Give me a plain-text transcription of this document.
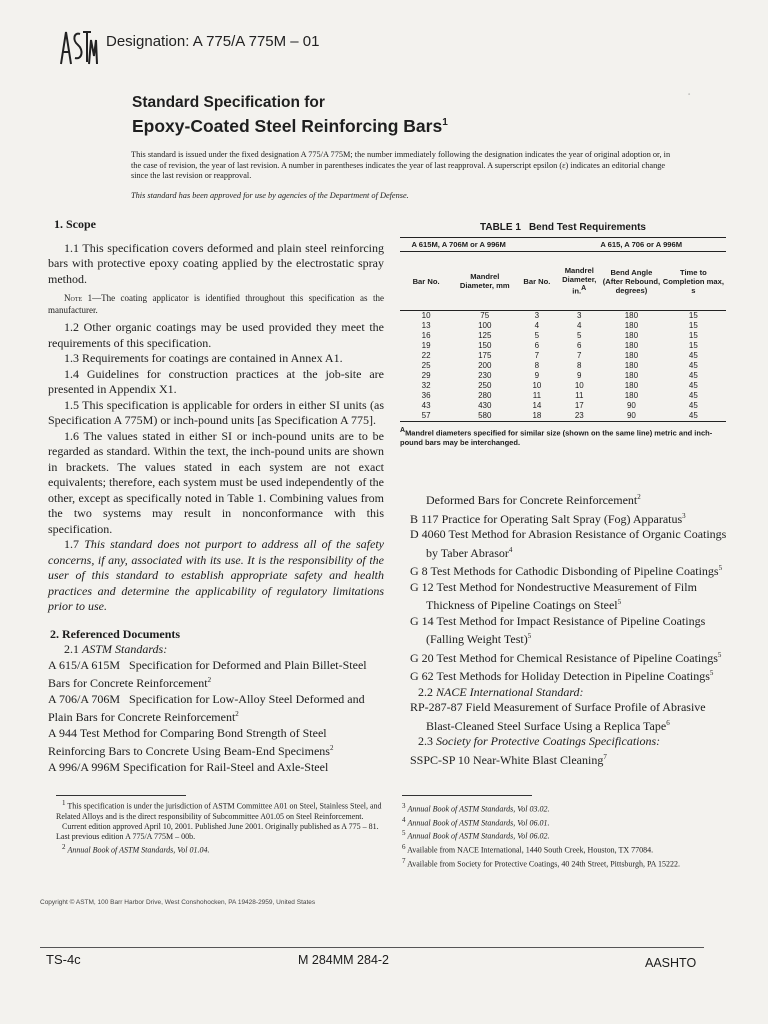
Designation: A 775/A 775M – 01
Standard Specification for
Epoxy-Coated Steel Reinforcing Bars$^1$
ﾟ

This standard is issued under the fixed designation A 775/A 775M; the number immediately following the designation indicates the year of original adoption or, in the case of revision, the year of last revision. A number in parentheses indicates the year of last reapproval. A superscript epsilon (ε) indicates an editorial change since the last revision or reapproval.

This standard has been approved for use by agencies of the Department of Defense.

1. Scope

1.1 This specification covers deformed and plain steel reinforcing bars with protective epoxy coating applied by the electrostatic spray method.

Note 1—The coating applicator is identified throughout this specification as the manufacturer.

1.2 Other organic coatings may be used provided they meet the requirements of this specification.

1.3 Requirements for coatings are contained in Annex A1.

1.4 Guidelines for construction practices at the job-site are presented in Appendix X1.

1.5 This specification is applicable for orders in either SI units (as Specification A 775M) or inch-pound units [as Specification A 775].

1.6 The values stated in either SI or inch-pound units are to be regarded as standard. Within the text, the inch-pound units are shown in brackets. The values stated in each system are not exact equivalents; therefore, each system must be used independently of the other, except as specifically noted in Table 1. Combining values from the two systems may result in nonconformance with this specification.

1.7 This standard does not purport to address all of the safety concerns, if any, associated with its use. It is the responsibility of the user of this standard to establish appropriate safety and health practices and determine the applicability of regulatory limitations prior to use.

2. Referenced Documents

2.1 ASTM Standards:

A 615/A 615M Specification for Deformed and Plain Billet-Steel Bars for Concrete Reinforcement$^2$

A 706/A 706M Specification for Low-Alloy Steel Deformed and Plain Bars for Concrete Reinforcement$^2$

A 944 Test Method for Comparing Bond Strength of Steel Reinforcing Bars to Concrete Using Beam-End Specimens$^2$

A 996/A 996M Specification for Rail-Steel and Axle-Steel

TABLE 1 Bend Test Requirements
A 615M, A 706M or A 996M			A 615, A 706 or A 996M		
Bar No.	Mandrel Diameter, mm	Bar No.	Mandrel Diameter, in.$^A$	Bend Angle (After Rebound, degrees)	Time to Completion max, s
10	75	3	3	180	15
13	100	4	4	180	15
16	125	5	5	180	15
19	150	6	6	180	15
22	175	7	7	180	45
25	200	8	8	180	45
29	230	9	9	180	45
32	250	10	10	180	45
36	280	11	11	180	45
43	430	14	17	90	45
57	580	18	23	90	45
$^A$Mandrel diameters specified for similar size (shown on the same line) metric and inch-pound bars may be interchanged.

Deformed Bars for Concrete Reinforcement$^2$

B 117 Practice for Operating Salt Spray (Fog) Apparatus$^3$

D 4060 Test Method for Abrasion Resistance of Organic Coatings by Taber Abrasor$^4$

G 8 Test Methods for Cathodic Disbonding of Pipeline Coatings$^5$

G 12 Test Method for Nondestructive Measurement of Film Thickness of Pipeline Coatings on Steel$^5$

G 14 Test Method for Impact Resistance of Pipeline Coatings (Falling Weight Test)$^5$

G 20 Test Method for Chemical Resistance of Pipeline Coatings$^5$

G 62 Test Methods for Holiday Detection in Pipeline Coatings$^5$

2.2 NACE International Standard:

RP-287-87 Field Measurement of Surface Profile of Abrasive Blast-Cleaned Steel Surface Using a Replica Tape$^6$

2.3 Society for Protective Coatings Specifications:

SSPC-SP 10 Near-White Blast Cleaning$^7$

$^1$ This specification is under the jurisdiction of ASTM Committee A01 on Steel, Stainless Steel, and Related Alloys and is the direct responsibility of Subcommittee A01.05 on Steel Reinforcement.

Current edition approved April 10, 2001. Published June 2001. Originally published as A 775 – 81. Last previous edition A 775/A 775M – 00b.

$^2$ Annual Book of ASTM Standards, Vol 01.04.

$^3$ Annual Book of ASTM Standards, Vol 03.02.

$^4$ Annual Book of ASTM Standards, Vol 06.01.

$^5$ Annual Book of ASTM Standards, Vol 06.02.

$^6$ Available from NACE International, 1440 South Creek, Houston, TX 77084.

$^7$ Available from Society for Protective Coatings, 40 24th Street, Pittsburgh, PA 15222.

Copyright © ASTM, 100 Barr Harbor Drive, West Conshohocken, PA 19428-2959, United States
TS-4c	M 284MM 284-2	AASHTO
